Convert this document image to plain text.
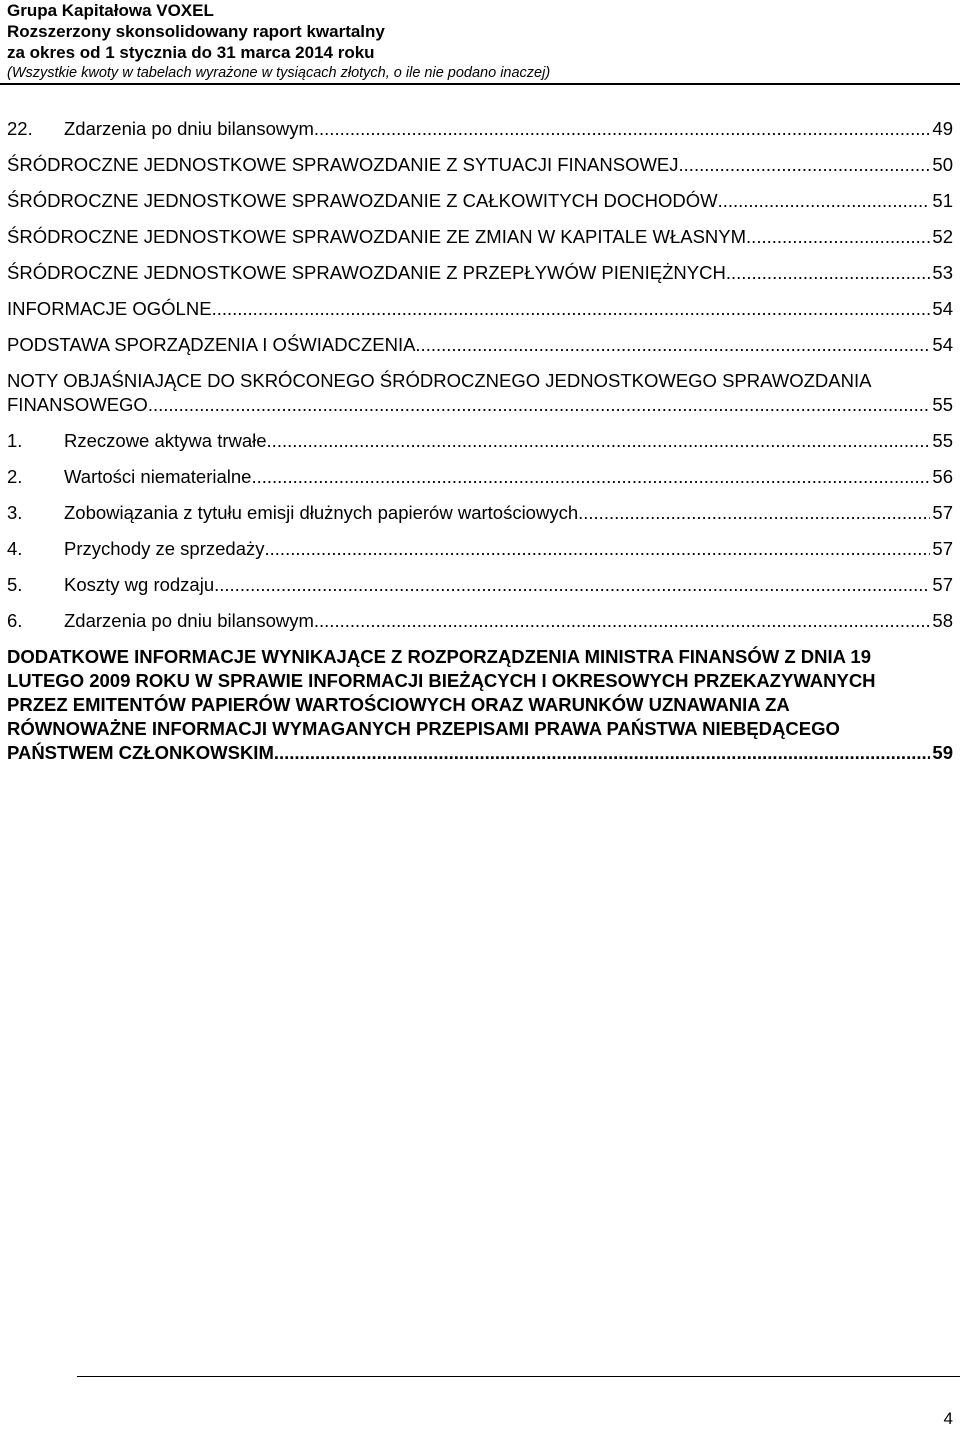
Grupa Kapitałowa VOXEL
Rozszerzony skonsolidowany raport kwartalny
za okres od 1 stycznia do 31 marca 2014 roku
(Wszystkie kwoty w tabelach wyrażone w tysiącach złotych, o ile nie podano inaczej)
22.	Zdarzenia po dniu bilansowym .....	49
ŚRÓDROCZNE JEDNOSTKOWE SPRAWOZDANIE Z SYTUACJI FINANSOWEJ .....	50
ŚRÓDROCZNE JEDNOSTKOWE SPRAWOZDANIE Z CAŁKOWITYCH DOCHODÓW .....	51
ŚRÓDROCZNE JEDNOSTKOWE SPRAWOZDANIE ZE ZMIAN W KAPITALE WŁASNYM .....	52
ŚRÓDROCZNE JEDNOSTKOWE SPRAWOZDANIE Z PRZEPŁYWÓW PIENIĘŻNYCH .....	53
INFORMACJE OGÓLNE .....	54
PODSTAWA SPORZĄDZENIA I OŚWIADCZENIA .....	54
NOTY OBJAŚNIAJĄCE DO SKRÓCONEGO ŚRÓDROCZNEGO JEDNOSTKOWEGO SPRAWOZDANIA
FINANSOWEGO .....	55
1.	Rzeczowe aktywa trwałe .....	55
2.	Wartości niematerialne .....	56
3.	Zobowiązania z tytułu emisji dłużnych papierów wartościowych .....	57
4.	Przychody ze sprzedaży .....	57
5.	Koszty wg rodzaju .....	57
6.	Zdarzenia po dniu bilansowym .....	58
DODATKOWE INFORMACJE WYNIKAJĄCE Z ROZPORZĄDZENIA MINISTRA FINANSÓW Z DNIA 19
LUTEGO 2009 ROKU W SPRAWIE INFORMACJI BIEŻĄCYCH I OKRESOWYCH PRZEKAZYWANYCH
PRZEZ EMITENTÓW PAPIERÓW WARTOŚCIOWYCH ORAZ WARUNKÓW UZNAWANIA ZA
RÓWNOWAŻNE INFORMACJI WYMAGANYCH PRZEPISAMI PRAWA PAŃSTWA NIEBĘDĄCEGO
PAŃSTWEM CZŁONKOWSKIM .....	59
4
